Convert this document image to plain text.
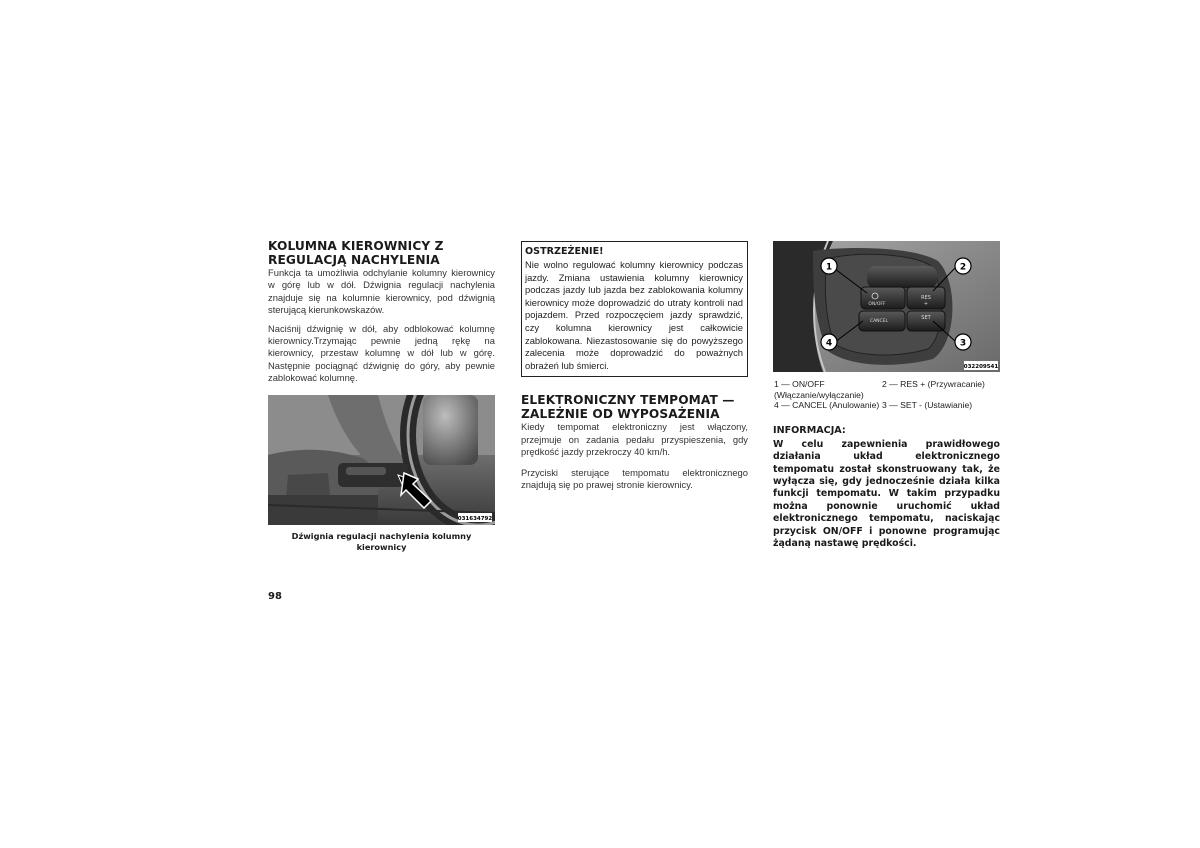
KOLUMNA KIEROWNICY Z REGULACJĄ NACHYLENIA

Funkcja ta umożliwia odchylanie kolumny kierownicy w górę lub w dół. Dźwignia regulacji nachylenia znajduje się na kolumnie kierownicy, pod dźwignią sterującą kierunkowskazów.

Naciśnij dźwignię w dół, aby odblokować kolumnę kierownicy.Trzymając pewnie jedną rękę na kierownicy, przestaw kolumnę w dół lub w górę. Następnie pociągnąć dźwignię do góry, aby pewnie zablokować kolumnę.

031634792
Dźwignia regulacji nachylenia kolumny kierownicy
OSTRZEŻENIE!

Nie wolno regulować kolumny kierownicy podczas jazdy. Zmiana ustawienia kolumny kierownicy podczas jazdy lub jazda bez zablokowania kolumny kierownicy może doprowadzić do utraty kontroli nad pojazdem. Przed rozpoczęciem jazdy sprawdzić, czy kolumna kierownicy jest całkowicie zablokowana. Niezastosowanie się do powyższego zalecenia może doprowadzić do poważnych obrażeń lub śmierci.

ELEKTRONICZNY TEMPOMAT — ZALEŻNIE OD WYPOSAŻENIA

Kiedy tempomat elektroniczny jest włączony, przejmuje on zadania pedału przyspieszenia, gdy prędkość jazdy przekroczy 40 km/h.

Przyciski sterujące tempomatu elektronicznego znajdują się po prawej stronie kierownicy.

ON/OFF
RES
+
CANCEL
SET
1	2
3
4
032209541
1 — ON/OFF (Włączanie/wyłączanie)
2 — RES + (Przywracanie)
4 — CANCEL (Anulowanie) 3 — SET - (Ustawianie)
INFORMACJA:

W celu zapewnienia prawidłowego działania układ elektronicznego tempomatu został skonstruowany tak, że wyłącza się, gdy jednocześnie działa kilka funkcji tempomatu. W takim przypadku można ponownie uruchomić układ elektronicznego tempomatu, naciskając przycisk ON/OFF i ponowne programując żądaną nastawę prędkości.

98
